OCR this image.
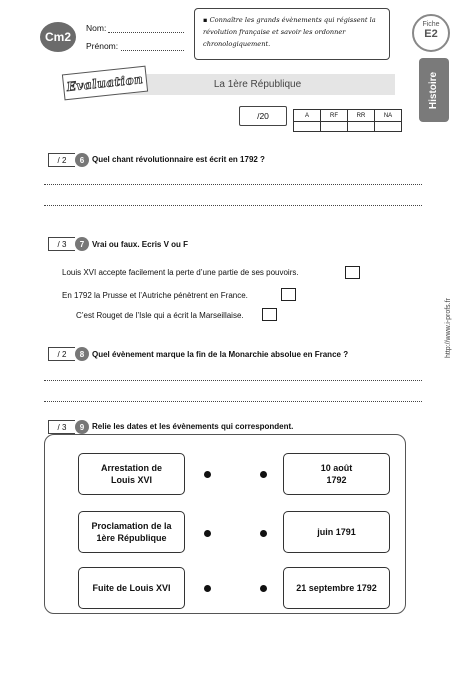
Cm2
Nom:
Prénom:
▪ Connaître les grands évènements qui régissent la révolution française et savoir les ordonner chronologiquement.
Fiche
E2
Histoire
La 1ère République
Evaluation
/20	A	RF	RR	NA

/ 2	6 Quel chant révolutionnaire est écrit en 1792 ?
/ 3	7 Vrai ou faux. Ecris V ou F
Louis XVI accepte facilement la perte d’une partie de ses pouvoirs.
En 1792 la Prusse et l’Autriche pénètrent en France.
C’est Rouget de l’Isle qui a écrit la Marseillaise.
/ 2	8 Quel évènement marque la fin de la Monarchie absolue en France ?
/ 3	9 Relie les dates et les évènements qui correspondent.
Arrestation de Louis XVI
Proclamation de la 1ère République
Fuite de Louis XVI
10 août 1792
juin 1791
21 septembre 1792
http://www.i-profs.fr
